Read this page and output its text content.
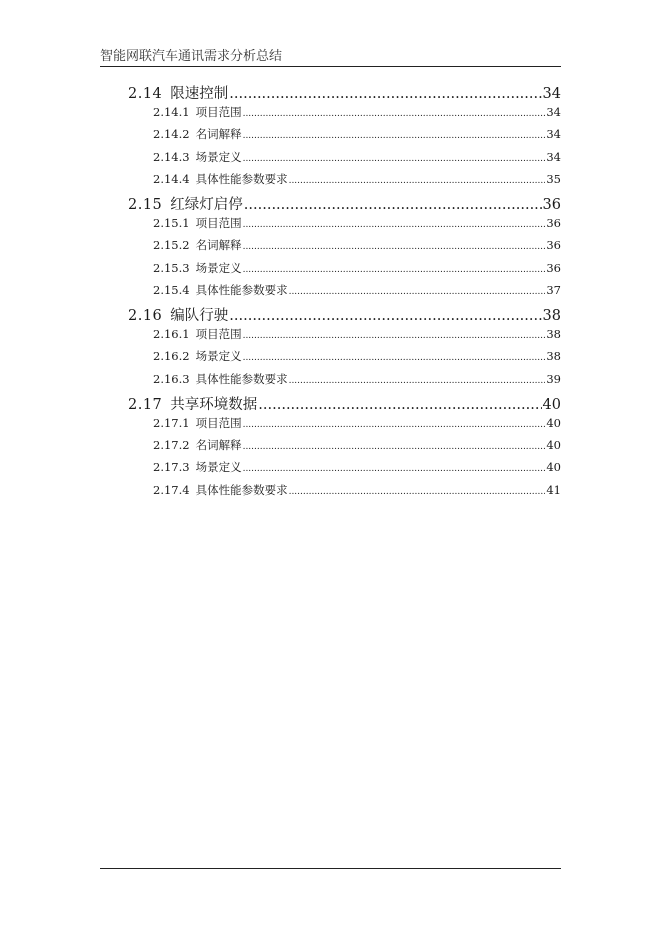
智能网联汽车通讯需求分析总结
2.14 限速控制 .....	34
2.14.1 项目范围 .....	34
2.14.2 名词解释 .....	34
2.14.3 场景定义 .....	34
2.14.4 具体性能参数要求 .....	35
2.15 红绿灯启停 .....	36
2.15.1 项目范围 .....	36
2.15.2 名词解释 .....	36
2.15.3 场景定义 .....	36
2.15.4 具体性能参数要求 .....	37
2.16 编队行驶 .....	38
2.16.1 项目范围 .....	38
2.16.2 场景定义 .....	38
2.16.3 具体性能参数要求 .....	39
2.17 共享环境数据 .....	40
2.17.1 项目范围 .....	40
2.17.2 名词解释 .....	40
2.17.3 场景定义 .....	40
2.17.4 具体性能参数要求 .....	41
